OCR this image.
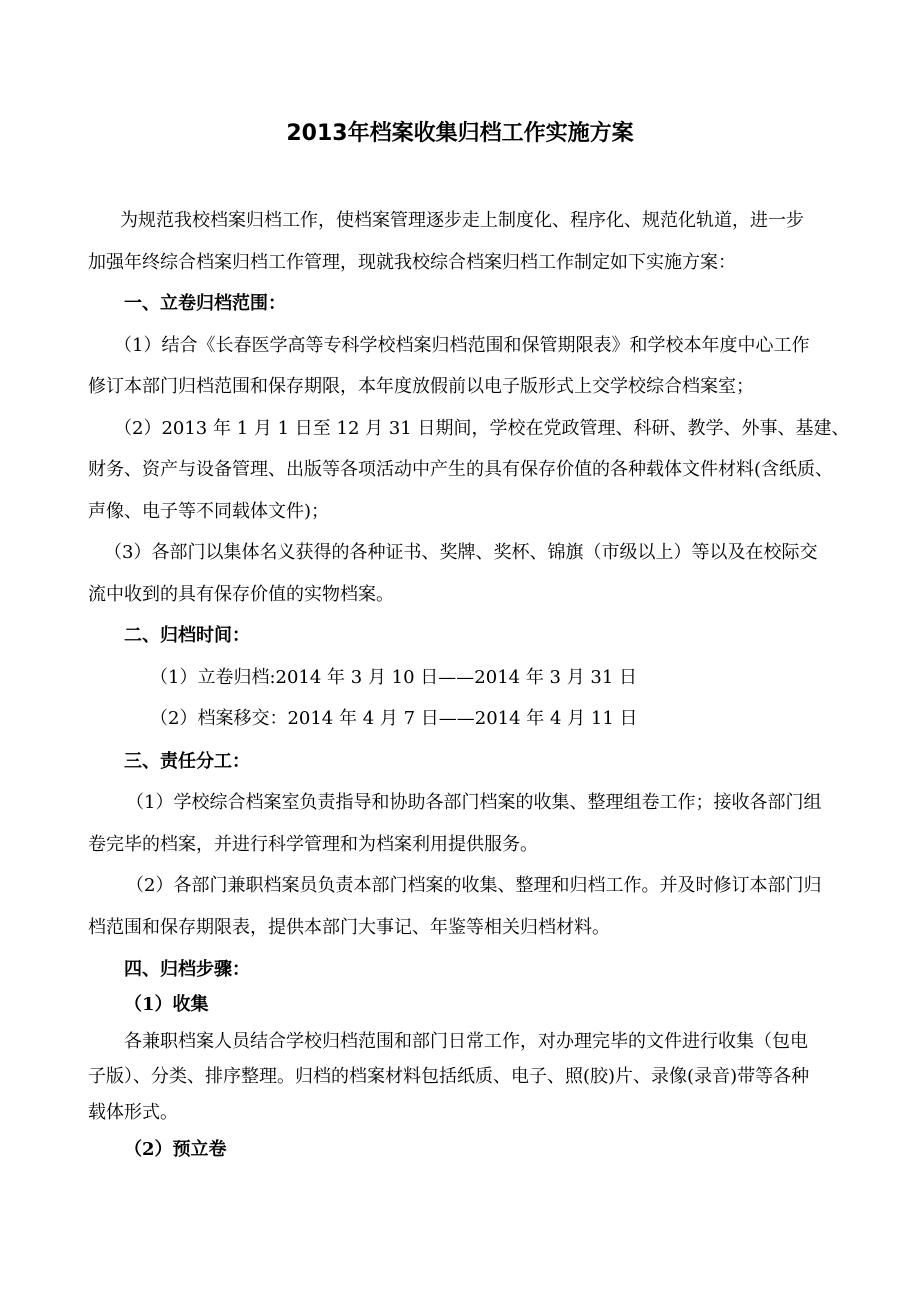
2013年档案收集归档工作实施方案
为规范我校档案归档工作，使档案管理逐步走上制度化、程序化、规范化轨道，进一步
加强年终综合档案归档工作管理，现就我校综合档案归档工作制定如下实施方案：
一、立卷归档范围：
（1）结合《长春医学高等专科学校档案归档范围和保管期限表》和学校本年度中心工作
修订本部门归档范围和保存期限，本年度放假前以电子版形式上交学校综合档案室；
（2）2013 年 1 月 1 日至 12 月 31 日期间，学校在党政管理、科研、教学、外事、基建、
财务、资产与设备管理、出版等各项活动中产生的具有保存价值的各种载体文件材料(含纸质、
声像、电子等不同载体文件)；
（3）各部门以集体名义获得的各种证书、奖牌、奖杯、锦旗（市级以上）等以及在校际交
流中收到的具有保存价值的实物档案。
二、归档时间：
（1）立卷归档:2014 年 3 月 10 日——2014 年 3 月 31 日
（2）档案移交：2014 年 4 月 7 日——2014 年 4 月 11 日
三、责任分工：
（1）学校综合档案室负责指导和协助各部门档案的收集、整理组卷工作；接收各部门组
卷完毕的档案，并进行科学管理和为档案利用提供服务。
（2）各部门兼职档案员负责本部门档案的收集、整理和归档工作。并及时修订本部门归
档范围和保存期限表，提供本部门大事记、年鉴等相关归档材料。
四、归档步骤：
（1）收集
各兼职档案人员结合学校归档范围和部门日常工作，对办理完毕的文件进行收集（包电
子版）、分类、排序整理。归档的档案材料包括纸质、电子、照(胶)片、录像(录音)带等各种
载体形式。
（2）预立卷
